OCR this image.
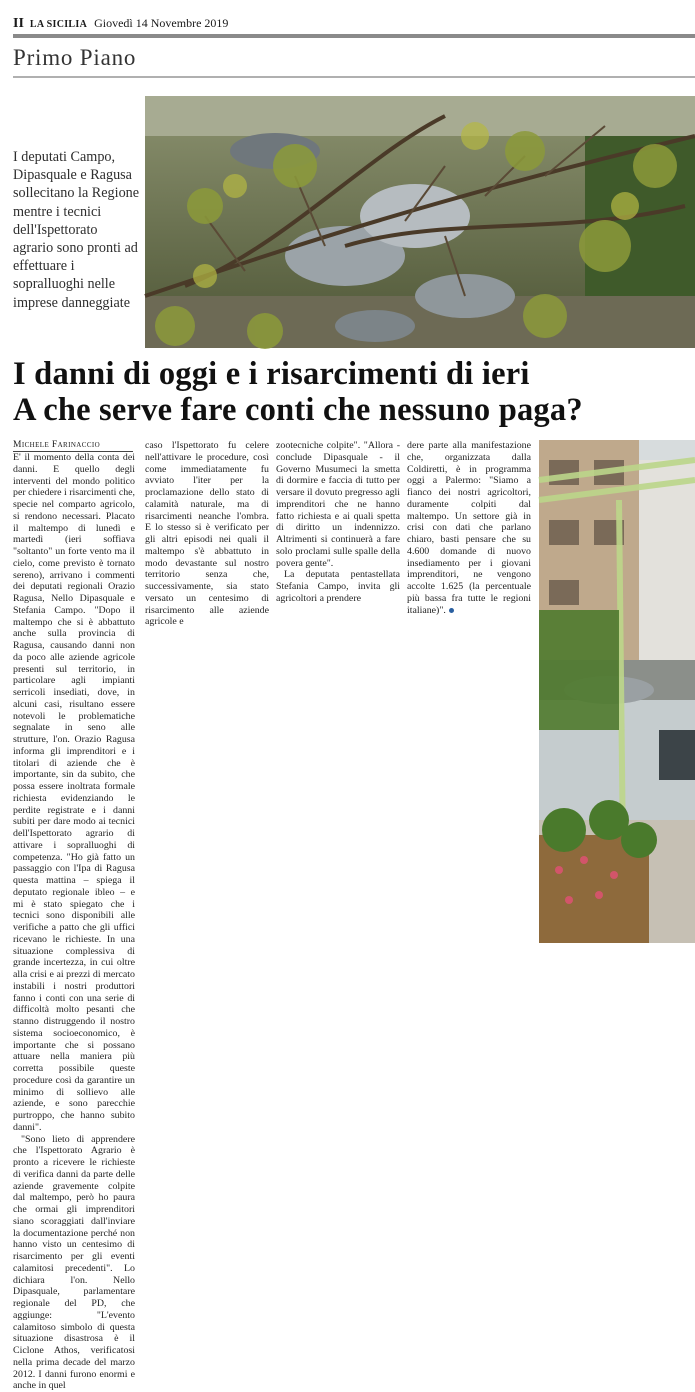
II LA SICILIA Giovedì 14 Novembre 2019
Primo Piano
I deputati Campo, Dipasquale e Ragusa sollecitano la Regione mentre i tecnici dell'Ispettorato agrario sono pronti ad effettuare i sopralluoghi nelle imprese danneggiate
I danni di oggi e i risarcimenti di ieri
A che serve fare conti che nessuno paga?
Michele Farinaccio

E' il momento della conta dei danni. E quello degli interventi del mondo politico per chiedere i risarcimenti che, specie nel comparto agricolo, si rendono necessari. Placato il maltempo di lunedì e martedì (ieri soffiava "soltanto" un forte vento ma il cielo, come previsto è tornato sereno), arrivano i commenti dei deputati regionali Orazio Ragusa, Nello Dipasquale e Stefania Campo. "Dopo il maltempo che si è abbattuto anche sulla provincia di Ragusa, causando danni non da poco alle aziende agricole presenti sul territorio, in particolare agli impianti serricoli insediati, dove, in alcuni casi, risultano essere notevoli le problematiche segnalate in seno alle strutture, l'on. Orazio Ragusa informa gli imprenditori e i titolari di aziende che è importante, sin da subito, che possa essere inoltrata formale richiesta evidenziando le perdite registrate e i danni subiti per dare modo ai tecnici dell'Ispettorato agrario di attivare i sopralluoghi di competenza. "Ho già fatto un passaggio con l'Ipa di Ragusa questa mattina – spiega il deputato regionale ibleo – e mi è stato spiegato che i tecnici sono disponibili alle verifiche a patto che gli uffici ricevano le richieste. In una situazione complessiva di grande incertezza, in cui oltre alla crisi e ai prezzi di mercato instabili i nostri produttori fanno i conti con una serie di difficoltà molto pesanti che stanno distruggendo il nostro sistema socioeconomico, è importante che si possano attuare nella maniera più corretta possibile queste procedure così da garantire un minimo di sollievo alle aziende, e sono parecchie purtroppo, che hanno subito danni".

"Sono lieto di apprendere che l'Ispettorato Agrario è pronto a ricevere le richieste di verifica danni da parte delle aziende gravemente colpite dal maltempo, però ho paura che ormai gli imprenditori siano scoraggiati dall'inviare la documentazione perché non hanno visto un centesimo di risarcimento per gli eventi calamitosi precedenti". Lo dichiara l'on. Nello Dipasquale, parlamentare regionale del PD, che aggiunge: "L'evento calamitoso simbolo di questa situazione disastrosa è il Ciclone Athos, verificatosi nella prima decade del marzo 2012. I danni furono enormi e anche in quel

caso l'Ispettorato fu celere nell'attivare le procedure, così come immediatamente fu avviato l'iter per la proclamazione dello stato di calamità naturale, ma di risarcimenti neanche l'ombra. E lo stesso si è verificato per gli altri episodi nei quali il maltempo s'è abbattuto in modo devastante sul nostro territorio senza che, successivamente, sia stato versato un centesimo di risarcimento alle aziende agricole e

zootecniche colpite". "Allora - conclude Dipasquale - il Governo Musumeci la smetta di dormire e faccia di tutto per versare il dovuto pregresso agli imprenditori che ne hanno fatto richiesta e ai quali spetta di diritto un indennizzo. Altrimenti si continuerà a fare solo proclami sulle spalle della povera gente".

La deputata pentastellata Stefania Campo, invita gli agricoltori a prendere

dere parte alla manifestazione che, organizzata dalla Coldiretti, è in programma oggi a Palermo: "Siamo a fianco dei nostri agricoltori, duramente colpiti dal maltempo. Un settore già in crisi con dati che parlano chiaro, basti pensare che su 4.600 domande di nuovo insediamento per i giovani imprenditori, ne vengono accolte 1.625 (la percentuale più bassa fra tutte le regioni italiane)".
